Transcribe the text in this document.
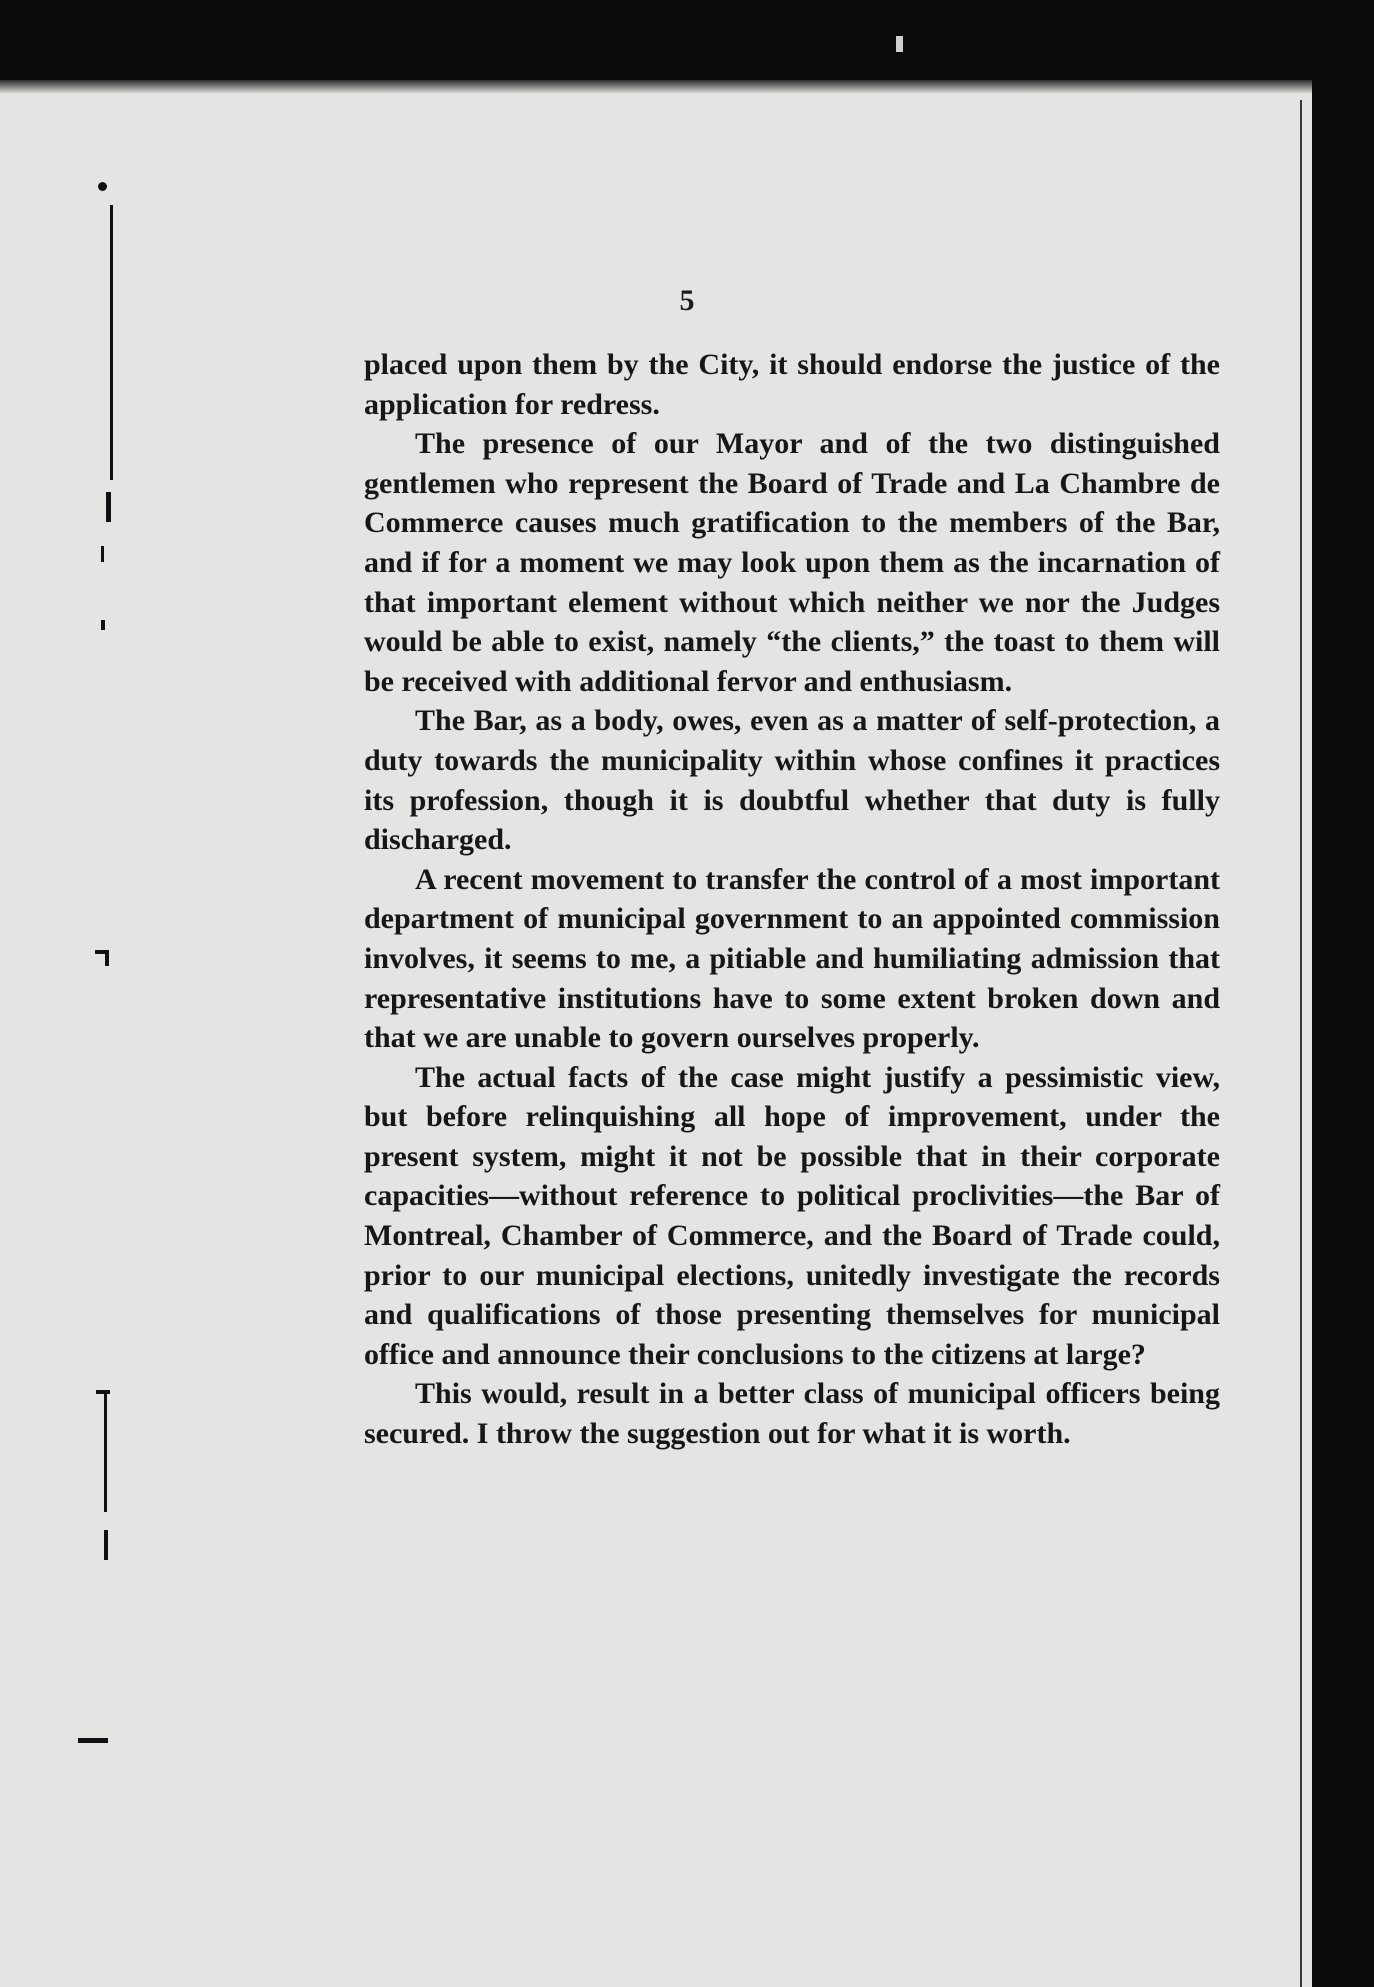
5

placed upon them by the City, it should endorse the justice of the application for redress.

The presence of our Mayor and of the two distinguished gentlemen who represent the Board of Trade and La Chambre de Commerce causes much gratification to the members of the Bar, and if for a moment we may look upon them as the incarnation of that important element without which neither we nor the Judges would be able to exist, namely “the clients,” the toast to them will be received with additional fervor and enthusiasm.

The Bar, as a body, owes, even as a matter of self-protection, a duty towards the municipality within whose confines it practices its profession, though it is doubtful whether that duty is fully discharged.

A recent movement to transfer the control of a most important department of municipal government to an appointed commission involves, it seems to me, a pitiable and humiliating admission that representative institutions have to some extent broken down and that we are unable to govern ourselves properly.

The actual facts of the case might justify a pessimistic view, but before relinquishing all hope of improvement, under the present system, might it not be possible that in their corporate capacities—without reference to political proclivities—the Bar of Montreal, Chamber of Commerce, and the Board of Trade could, prior to our municipal elections, unitedly investigate the records and qualifications of those presenting themselves for municipal office and announce their conclusions to the citizens at large?

This would, result in a better class of municipal officers being secured. I throw the suggestion out for what it is worth.
